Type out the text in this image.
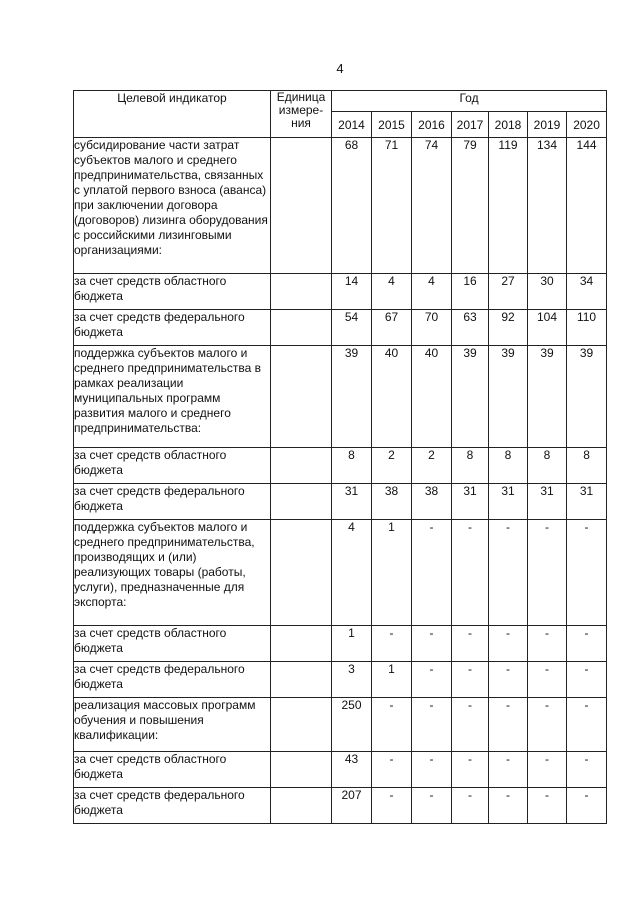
4
Целевой индикатор	Единица измере-ния	Год						
		2014	2015	2016	2017	2018	2019	2020
субсидирование части затрат субъектов малого и среднего предпринимательства, связанных с уплатой первого взноса (аванса) при заключении договора (договоров) лизинга оборудования с российскими лизинговыми организациями:		68	71	74	79	119	134	144
за счет средств областного бюджета		14	4	4	16	27	30	34
за счет средств федерального бюджета		54	67	70	63	92	104	110
поддержка субъектов малого и среднего предпринимательства в рамках реализации муниципальных программ развития малого и среднего предпринимательства:		39	40	40	39	39	39	39
за счет средств областного бюджета		8	2	2	8	8	8	8
за счет средств федерального бюджета		31	38	38	31	31	31	31
поддержка субъектов малого и среднего предпринимательства, производящих и (или) реализующих товары (работы, услуги), предназначенные для экспорта:		4	1	-	-	-	-	-
за счет средств областного бюджета		1	-	-	-	-	-	-
за счет средств федерального бюджета		3	1	-	-	-	-	-
реализация массовых программ обучения и повышения квалификации:		250	-	-	-	-	-	-
за счет средств областного бюджета		43	-	-	-	-	-	-
за счет средств федерального бюджета		207	-	-	-	-	-	-
